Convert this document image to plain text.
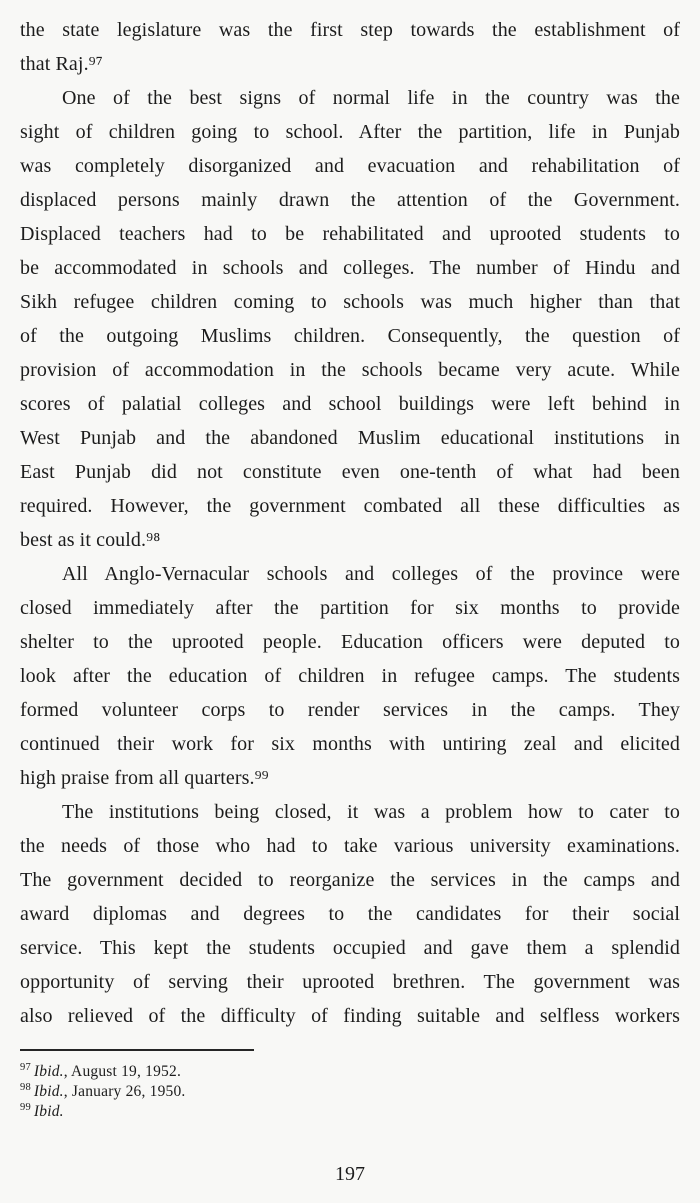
the state legislature was the first step towards the establishment of
that Raj.⁹⁷
One of the best signs of normal life in the country was the
sight of children going to school. After the partition, life in Punjab
was completely disorganized and evacuation and rehabilitation of
displaced persons mainly drawn the attention of the Government.
Displaced teachers had to be rehabilitated and uprooted students to
be accommodated in schools and colleges. The number of Hindu and
Sikh refugee children coming to schools was much higher than that
of the outgoing Muslims children. Consequently, the question of
provision of accommodation in the schools became very acute. While
scores of palatial colleges and school buildings were left behind in
West Punjab and the abandoned Muslim educational institutions in
East Punjab did not constitute even one-tenth of what had been
required. However, the government combated all these difficulties as
best as it could.⁹⁸
All Anglo-Vernacular schools and colleges of the province were
closed immediately after the partition for six months to provide
shelter to the uprooted people. Education officers were deputed to
look after the education of children in refugee camps. The students
formed volunteer corps to render services in the camps. They
continued their work for six months with untiring zeal and elicited
high praise from all quarters.⁹⁹
The institutions being closed, it was a problem how to cater to
the needs of those who had to take various university examinations.
The government decided to reorganize the services in the camps and
award diplomas and degrees to the candidates for their social
service. This kept the students occupied and gave them a splendid
opportunity of serving their uprooted brethren. The government was
also relieved of the difficulty of finding suitable and selfless workers
$^{97}$ Ibid., August 19, 1952.
$^{98}$ Ibid., January 26, 1950.
$^{99}$ Ibid.
197
